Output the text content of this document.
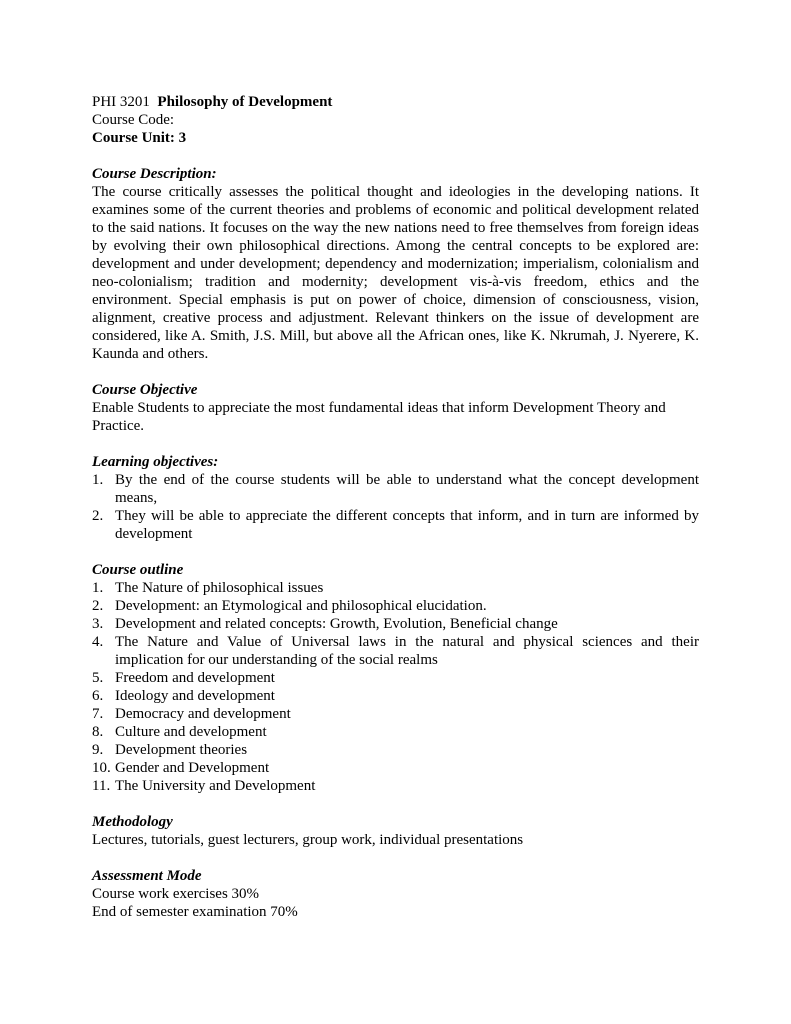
PHI 3201 Philosophy of Development

Course Code:

Course Unit: 3

Course Description:

The course critically assesses the political thought and ideologies in the developing nations. It examines some of the current theories and problems of economic and political development related to the said nations. It focuses on the way the new nations need to free themselves from foreign ideas by evolving their own philosophical directions. Among the central concepts to be explored are: development and under development; dependency and modernization; imperialism, colonialism and neo-colonialism; tradition and modernity; development vis-à-vis freedom, ethics and the environment. Special emphasis is put on power of choice, dimension of consciousness, vision, alignment, creative process and adjustment. Relevant thinkers on the issue of development are considered, like A. Smith, J.S. Mill, but above all the African ones, like K. Nkrumah, J. Nyerere, K. Kaunda and others.

Course Objective

Enable Students to appreciate the most fundamental ideas that inform Development Theory and Practice.

Learning objectives:

1. By the end of the course students will be able to understand what the concept development means,
2. They will be able to appreciate the different concepts that inform, and in turn are informed by development

Course outline

1. The Nature of philosophical issues
2. Development: an Etymological and philosophical elucidation.
3. Development and related concepts: Growth, Evolution, Beneficial change
4. The Nature and Value of Universal laws in the natural and physical sciences and their implication for our understanding of the social realms
5. Freedom and development
6. Ideology and development
7. Democracy and development
8. Culture and development
9. Development theories
10. Gender and Development
11. The University and Development

Methodology

Lectures, tutorials, guest lecturers, group work, individual presentations

Assessment Mode

Course work exercises 30%

End of semester examination 70%
